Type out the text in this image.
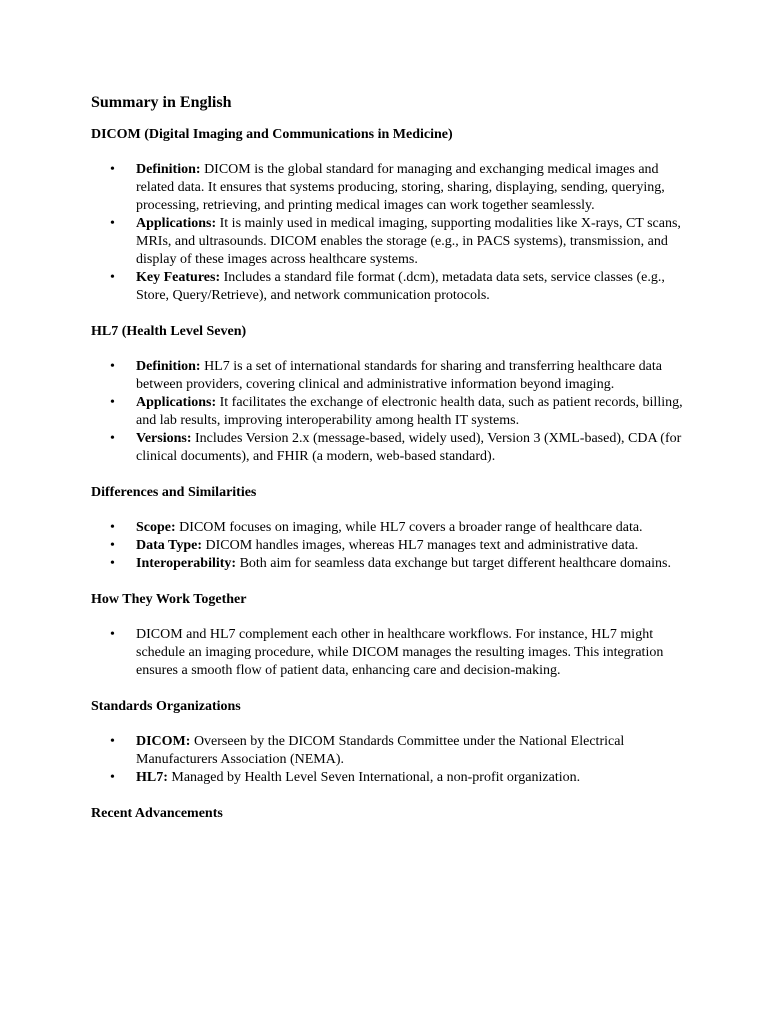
Summary in English
DICOM (Digital Imaging and Communications in Medicine)
• Definition: DICOM is the global standard for managing and exchanging medical images and related data. It ensures that systems producing, storing, sharing, displaying, sending, querying, processing, retrieving, and printing medical images can work together seamlessly.
• Applications: It is mainly used in medical imaging, supporting modalities like X-rays, CT scans, MRIs, and ultrasounds. DICOM enables the storage (e.g., in PACS systems), transmission, and display of these images across healthcare systems.
• Key Features: Includes a standard file format (.dcm), metadata data sets, service classes (e.g., Store, Query/Retrieve), and network communication protocols.
HL7 (Health Level Seven)
• Definition: HL7 is a set of international standards for sharing and transferring healthcare data between providers, covering clinical and administrative information beyond imaging.
• Applications: It facilitates the exchange of electronic health data, such as patient records, billing, and lab results, improving interoperability among health IT systems.
• Versions: Includes Version 2.x (message-based, widely used), Version 3 (XML-based), CDA (for clinical documents), and FHIR (a modern, web-based standard).
Differences and Similarities
• Scope: DICOM focuses on imaging, while HL7 covers a broader range of healthcare data.
• Data Type: DICOM handles images, whereas HL7 manages text and administrative data.
• Interoperability: Both aim for seamless data exchange but target different healthcare domains.
How They Work Together
• DICOM and HL7 complement each other in healthcare workflows. For instance, HL7 might schedule an imaging procedure, while DICOM manages the resulting images. This integration ensures a smooth flow of patient data, enhancing care and decision-making.
Standards Organizations
• DICOM: Overseen by the DICOM Standards Committee under the National Electrical Manufacturers Association (NEMA).
• HL7: Managed by Health Level Seven International, a non-profit organization.
Recent Advancements
